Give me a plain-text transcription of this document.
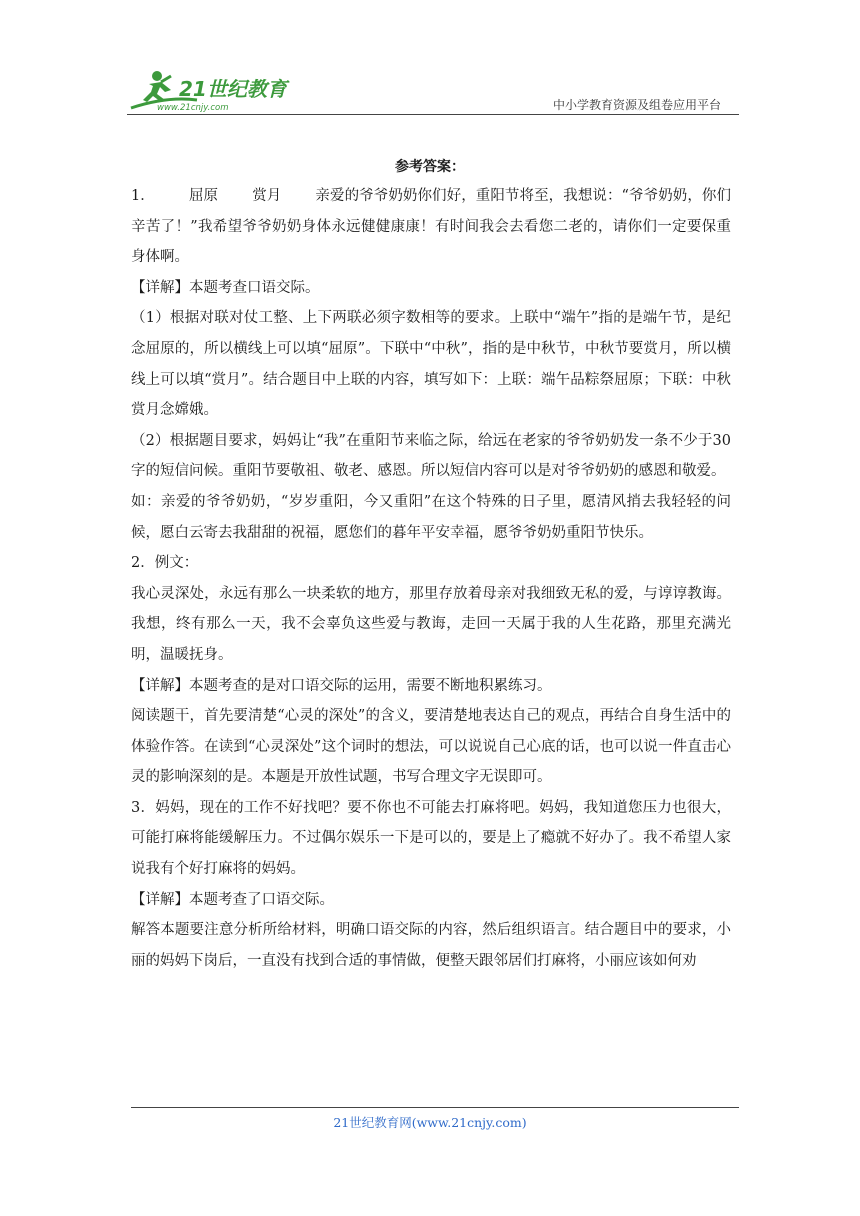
21世纪教育
www.21cnjy.com	中小学教育资源及组卷应用平台
参考答案：

1． 屈原 赏月 亲爱的爷爷奶奶你们好，重阳节将至，我想说：“爷爷奶奶，你们辛苦了！”我希望爷爷奶奶身体永远健健康康！有时间我会去看您二老的，请你们一定要保重身体啊。

【详解】本题考查口语交际。

（1）根据对联对仗工整、上下两联必须字数相等的要求。上联中“端午”指的是端午节，是纪念屈原的，所以横线上可以填“屈原”。下联中“中秋”，指的是中秋节，中秋节要赏月，所以横线上可以填“赏月”。结合题目中上联的内容，填写如下：上联：端午品粽祭屈原；下联：中秋赏月念嫦娥。

（2）根据题目要求，妈妈让“我”在重阳节来临之际，给远在老家的爷爷奶奶发一条不少于30字的短信问候。重阳节要敬祖、敬老、感恩。所以短信内容可以是对爷爷奶奶的感恩和敬爱。

如：亲爱的爷爷奶奶，“岁岁重阳，今又重阳”在这个特殊的日子里，愿清风捎去我轻轻的问候，愿白云寄去我甜甜的祝福，愿您们的暮年平安幸福，愿爷爷奶奶重阳节快乐。

2．例文：

我心灵深处，永远有那么一块柔软的地方，那里存放着母亲对我细致无私的爱，与谆谆教诲。我想，终有那么一天，我不会辜负这些爱与教诲，走回一天属于我的人生花路，那里充满光明，温暖抚身。

【详解】本题考查的是对口语交际的运用，需要不断地积累练习。

阅读题干，首先要清楚“心灵的深处”的含义，要清楚地表达自己的观点，再结合自身生活中的体验作答。在读到“心灵深处”这个词时的想法，可以说说自己心底的话，也可以说一件直击心灵的影响深刻的是。本题是开放性试题，书写合理文字无误即可。

3．妈妈，现在的工作不好找吧？要不你也不可能去打麻将吧。妈妈，我知道您压力也很大，可能打麻将能缓解压力。不过偶尔娱乐一下是可以的，要是上了瘾就不好办了。我不希望人家说我有个好打麻将的妈妈。

【详解】本题考查了口语交际。

解答本题要注意分析所给材料，明确口语交际的内容，然后组织语言。结合题目中的要求，小丽的妈妈下岗后，一直没有找到合适的事情做，便整天跟邻居们打麻将，小丽应该如何劝

21世纪教育网(www.21cnjy.com)
